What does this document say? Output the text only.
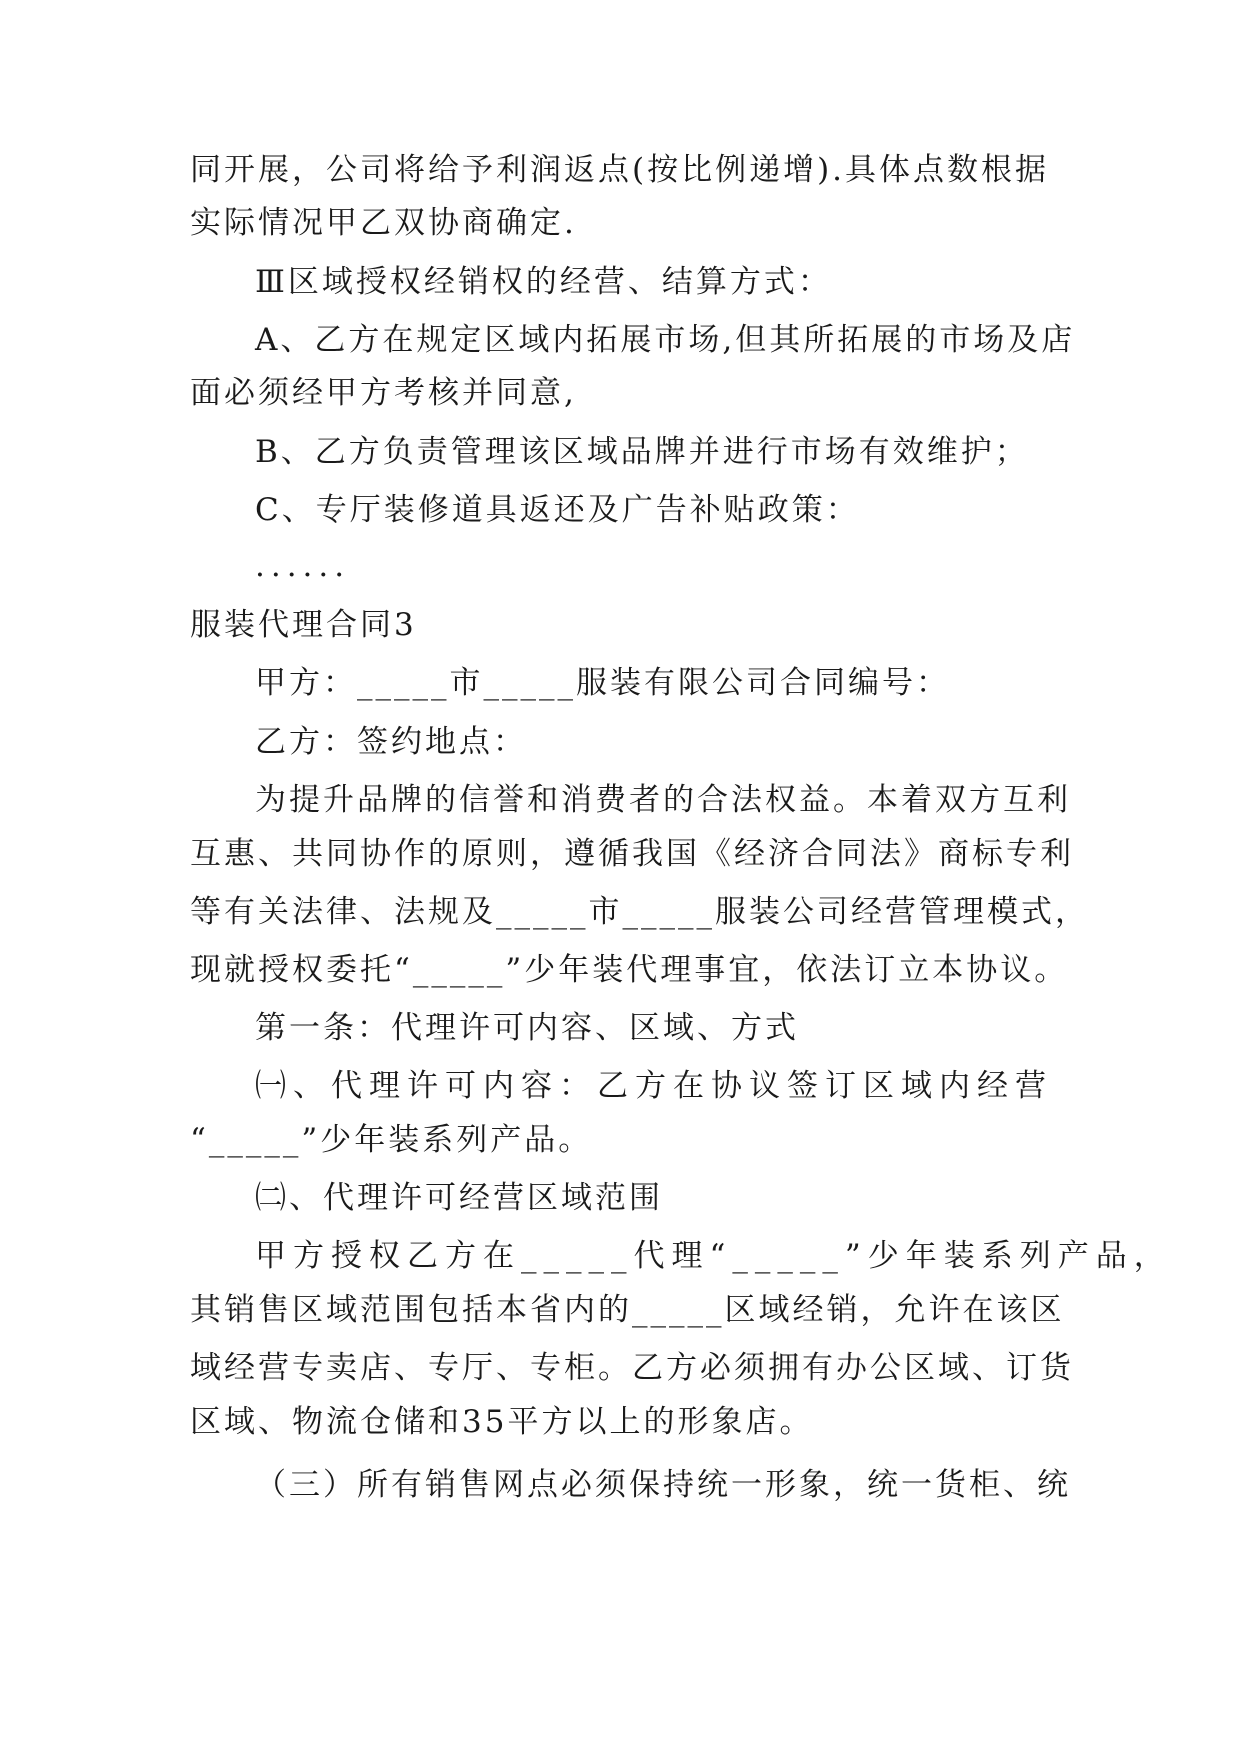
同开展，公司将给予利润返点(按比例递增).具体点数根据
实际情况甲乙双协商确定.
Ⅲ区域授权经销权的经营、结算方式：
A、乙方在规定区域内拓展市场,但其所拓展的市场及店
面必须经甲方考核并同意,
B、乙方负责管理该区域品牌并进行市场有效维护；
C、专厅装修道具返还及广告补贴政策：
......
服装代理合同3
甲方：_____市_____服装有限公司合同编号：
乙方：签约地点：
为提升品牌的信誉和消费者的合法权益。本着双方互利
互惠、共同协作的原则，遵循我国《经济合同法》商标专利
等有关法律、法规及_____市_____服装公司经营管理模式，
现就授权委托“_____”少年装代理事宜，依法订立本协议。
第一条：代理许可内容、区域、方式
㈠、代理许可内容：乙方在协议签订区域内经营
“_____”少年装系列产品。
㈡、代理许可经营区域范围
甲方授权乙方在_____代理“_____”少年装系列产品，
其销售区域范围包括本省内的_____区域经销，允许在该区
域经营专卖店、专厅、专柜。乙方必须拥有办公区域、订货
区域、物流仓储和35平方以上的形象店。
（三）所有销售网点必须保持统一形象，统一货柜、统
